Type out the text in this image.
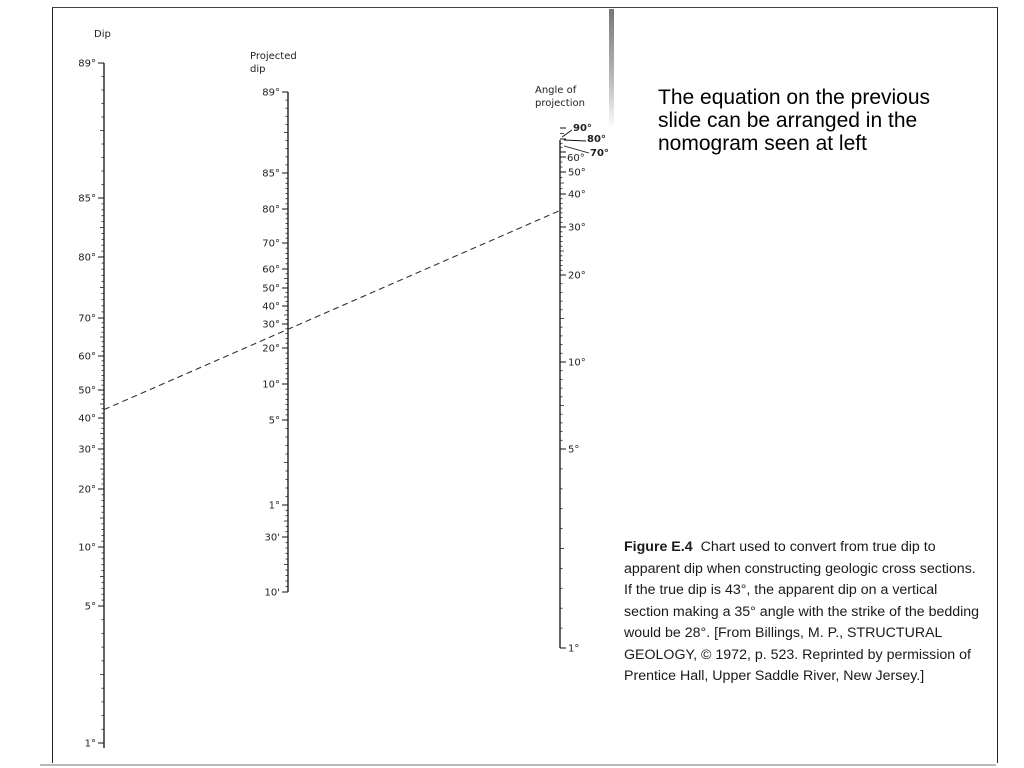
Dip
89°
85°
80°
70°
60°
50°
40°
30°
20°
10°
5°
1°
Projected
dip
89°
85°
80°
70°
60°
50°
40°
30°
20°
10°
5°
1°
30'
10'
Angle of
projection
90°
80°
70°
60°
50°
40°
30°
20°
10°
5°
1°
The equation on the previous slide can be arranged in the nomogram seen at left
Figure E.4 Chart used to convert from true dip to apparent dip when constructing geologic cross sections. If the true dip is 43°, the apparent dip on a vertical section making a 35° angle with the strike of the bedding would be 28°. [From Billings, M. P., STRUCTURAL GEOLOGY, © 1972, p. 523. Reprinted by permission of Prentice Hall, Upper Saddle River, New Jersey.]
